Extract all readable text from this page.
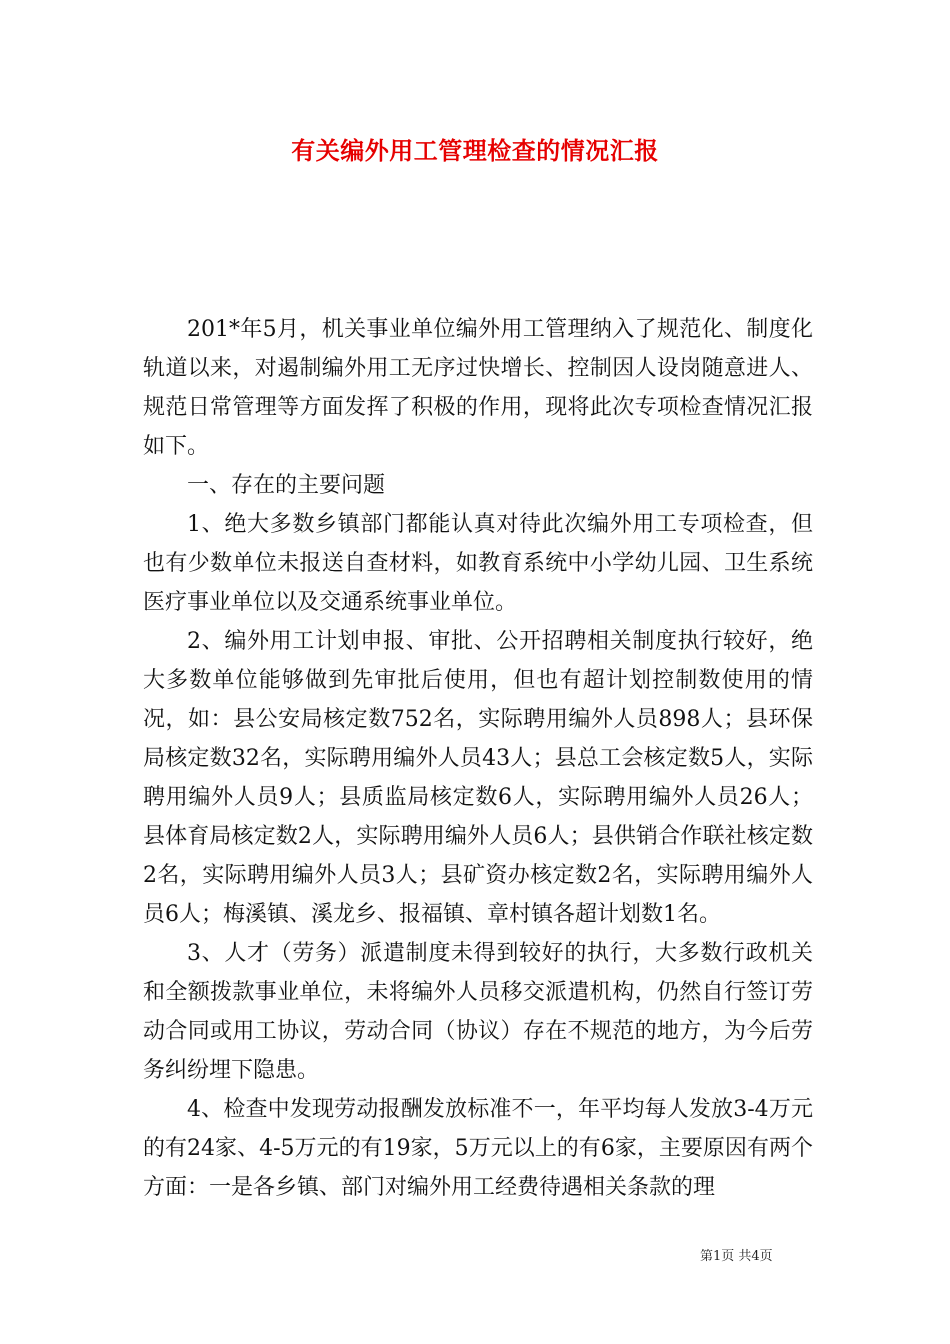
有关编外用工管理检查的情况汇报

201*年5月，机关事业单位编外用工管理纳入了规范化、制度化轨道以来，对遏制编外用工无序过快增长、控制因人设岗随意进人、规范日常管理等方面发挥了积极的作用，现将此次专项检查情况汇报如下。

一、存在的主要问题

1、绝大多数乡镇部门都能认真对待此次编外用工专项检查，但也有少数单位未报送自查材料，如教育系统中小学幼儿园、卫生系统医疗事业单位以及交通系统事业单位。

2、编外用工计划申报、审批、公开招聘相关制度执行较好，绝大多数单位能够做到先审批后使用，但也有超计划控制数使用的情况，如：县公安局核定数752名，实际聘用编外人员898人；县环保局核定数32名，实际聘用编外人员43人；县总工会核定数5人，实际聘用编外人员9人；县质监局核定数6人，实际聘用编外人员26人；县体育局核定数2人，实际聘用编外人员6人；县供销合作联社核定数2名，实际聘用编外人员3人；县矿资办核定数2名，实际聘用编外人员6人；梅溪镇、溪龙乡、报福镇、章村镇各超计划数1名。

3、人才（劳务）派遣制度未得到较好的执行，大多数行政机关和全额拨款事业单位，未将编外人员移交派遣机构，仍然自行签订劳动合同或用工协议，劳动合同（协议）存在不规范的地方，为今后劳务纠纷埋下隐患。

4、检查中发现劳动报酬发放标准不一，年平均每人发放3-4万元的有24家、4-5万元的有19家，5万元以上的有6家，主要原因有两个方面：一是各乡镇、部门对编外用工经费待遇相关条款的理

第1页 共4页
